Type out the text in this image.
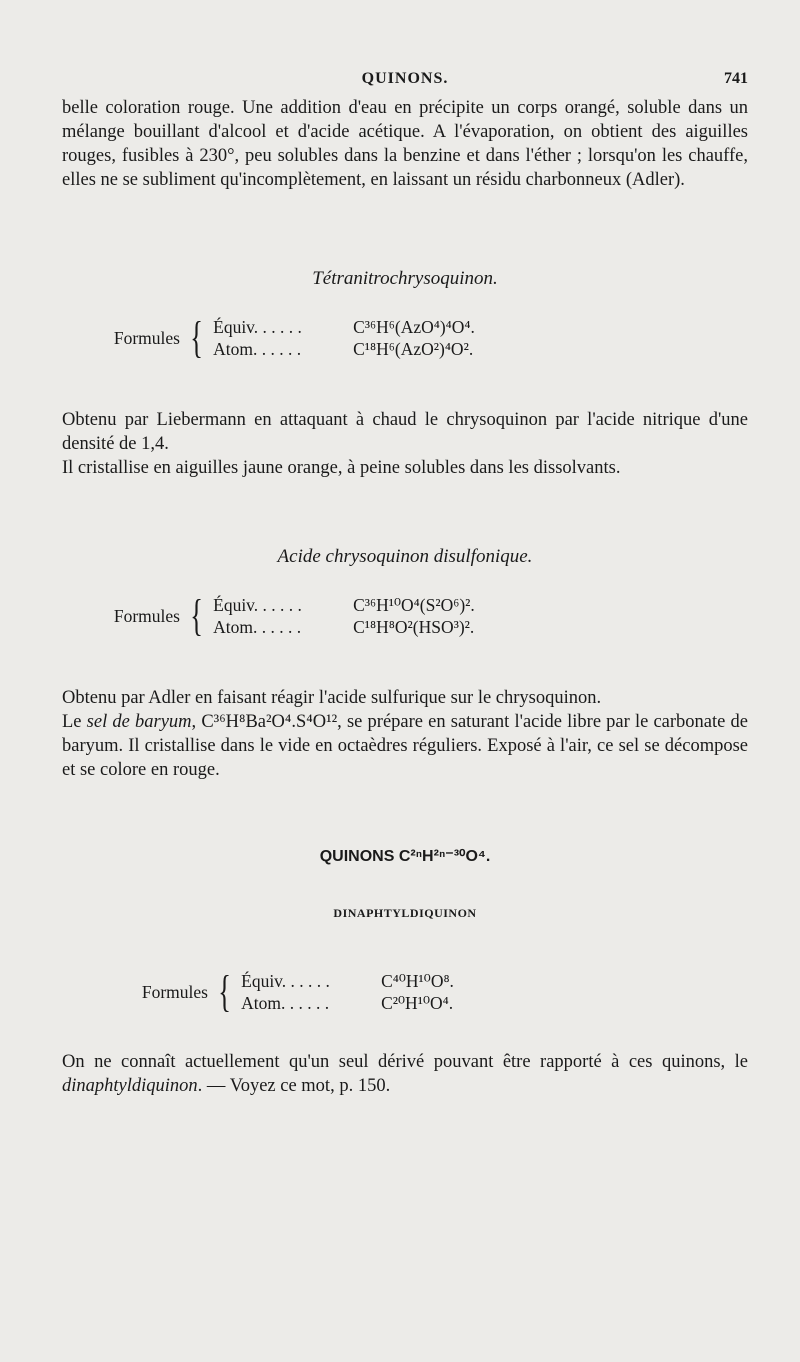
QUINONS.	741

belle coloration rouge. Une addition d'eau en précipite un corps orangé, soluble dans un mélange bouillant d'alcool et d'acide acétique. A l'évaporation, on obtient des aiguilles rouges, fusibles à 230°, peu solubles dans la benzine et dans l'éther ; lorsqu'on les chauffe, elles ne se subliment qu'incomplètement, en laissant un résidu charbonneux (Adler).

Tétranitrochrysoquinon.
Formules { Équiv. . . . . .	C³⁶H⁶(AzO⁴)⁴O⁴.
Atom. . . . . .	C¹⁸H⁶(AzO²)⁴O².

Obtenu par Liebermann en attaquant à chaud le chrysoquinon par l'acide nitrique d'une densité de 1,4.

Il cristallise en aiguilles jaune orange, à peine solubles dans les dissolvants.

Acide chrysoquinon disulfonique.
Formules { Équiv. . . . . .	C³⁶H¹⁰O⁴(S²O⁶)².
Atom. . . . . .	C¹⁸H⁸O²(HSO³)².

Obtenu par Adler en faisant réagir l'acide sulfurique sur le chrysoquinon.

Le sel de baryum, C³⁶H⁸Ba²O⁴.S⁴O¹², se prépare en saturant l'acide libre par le carbonate de baryum. Il cristallise dans le vide en octaèdres réguliers. Exposé à l'air, ce sel se décompose et se colore en rouge.

QUINONS C²ⁿH²ⁿ⁻³⁰O⁴.
DINAPHTYLDIQUINON
Formules { Équiv. . . . . .	C⁴⁰H¹⁰O⁸.
Atom. . . . . .	C²⁰H¹⁰O⁴.

On ne connaît actuellement qu'un seul dérivé pouvant être rapporté à ces quinons, le dinaphtyldiquinon. — Voyez ce mot, p. 150.
